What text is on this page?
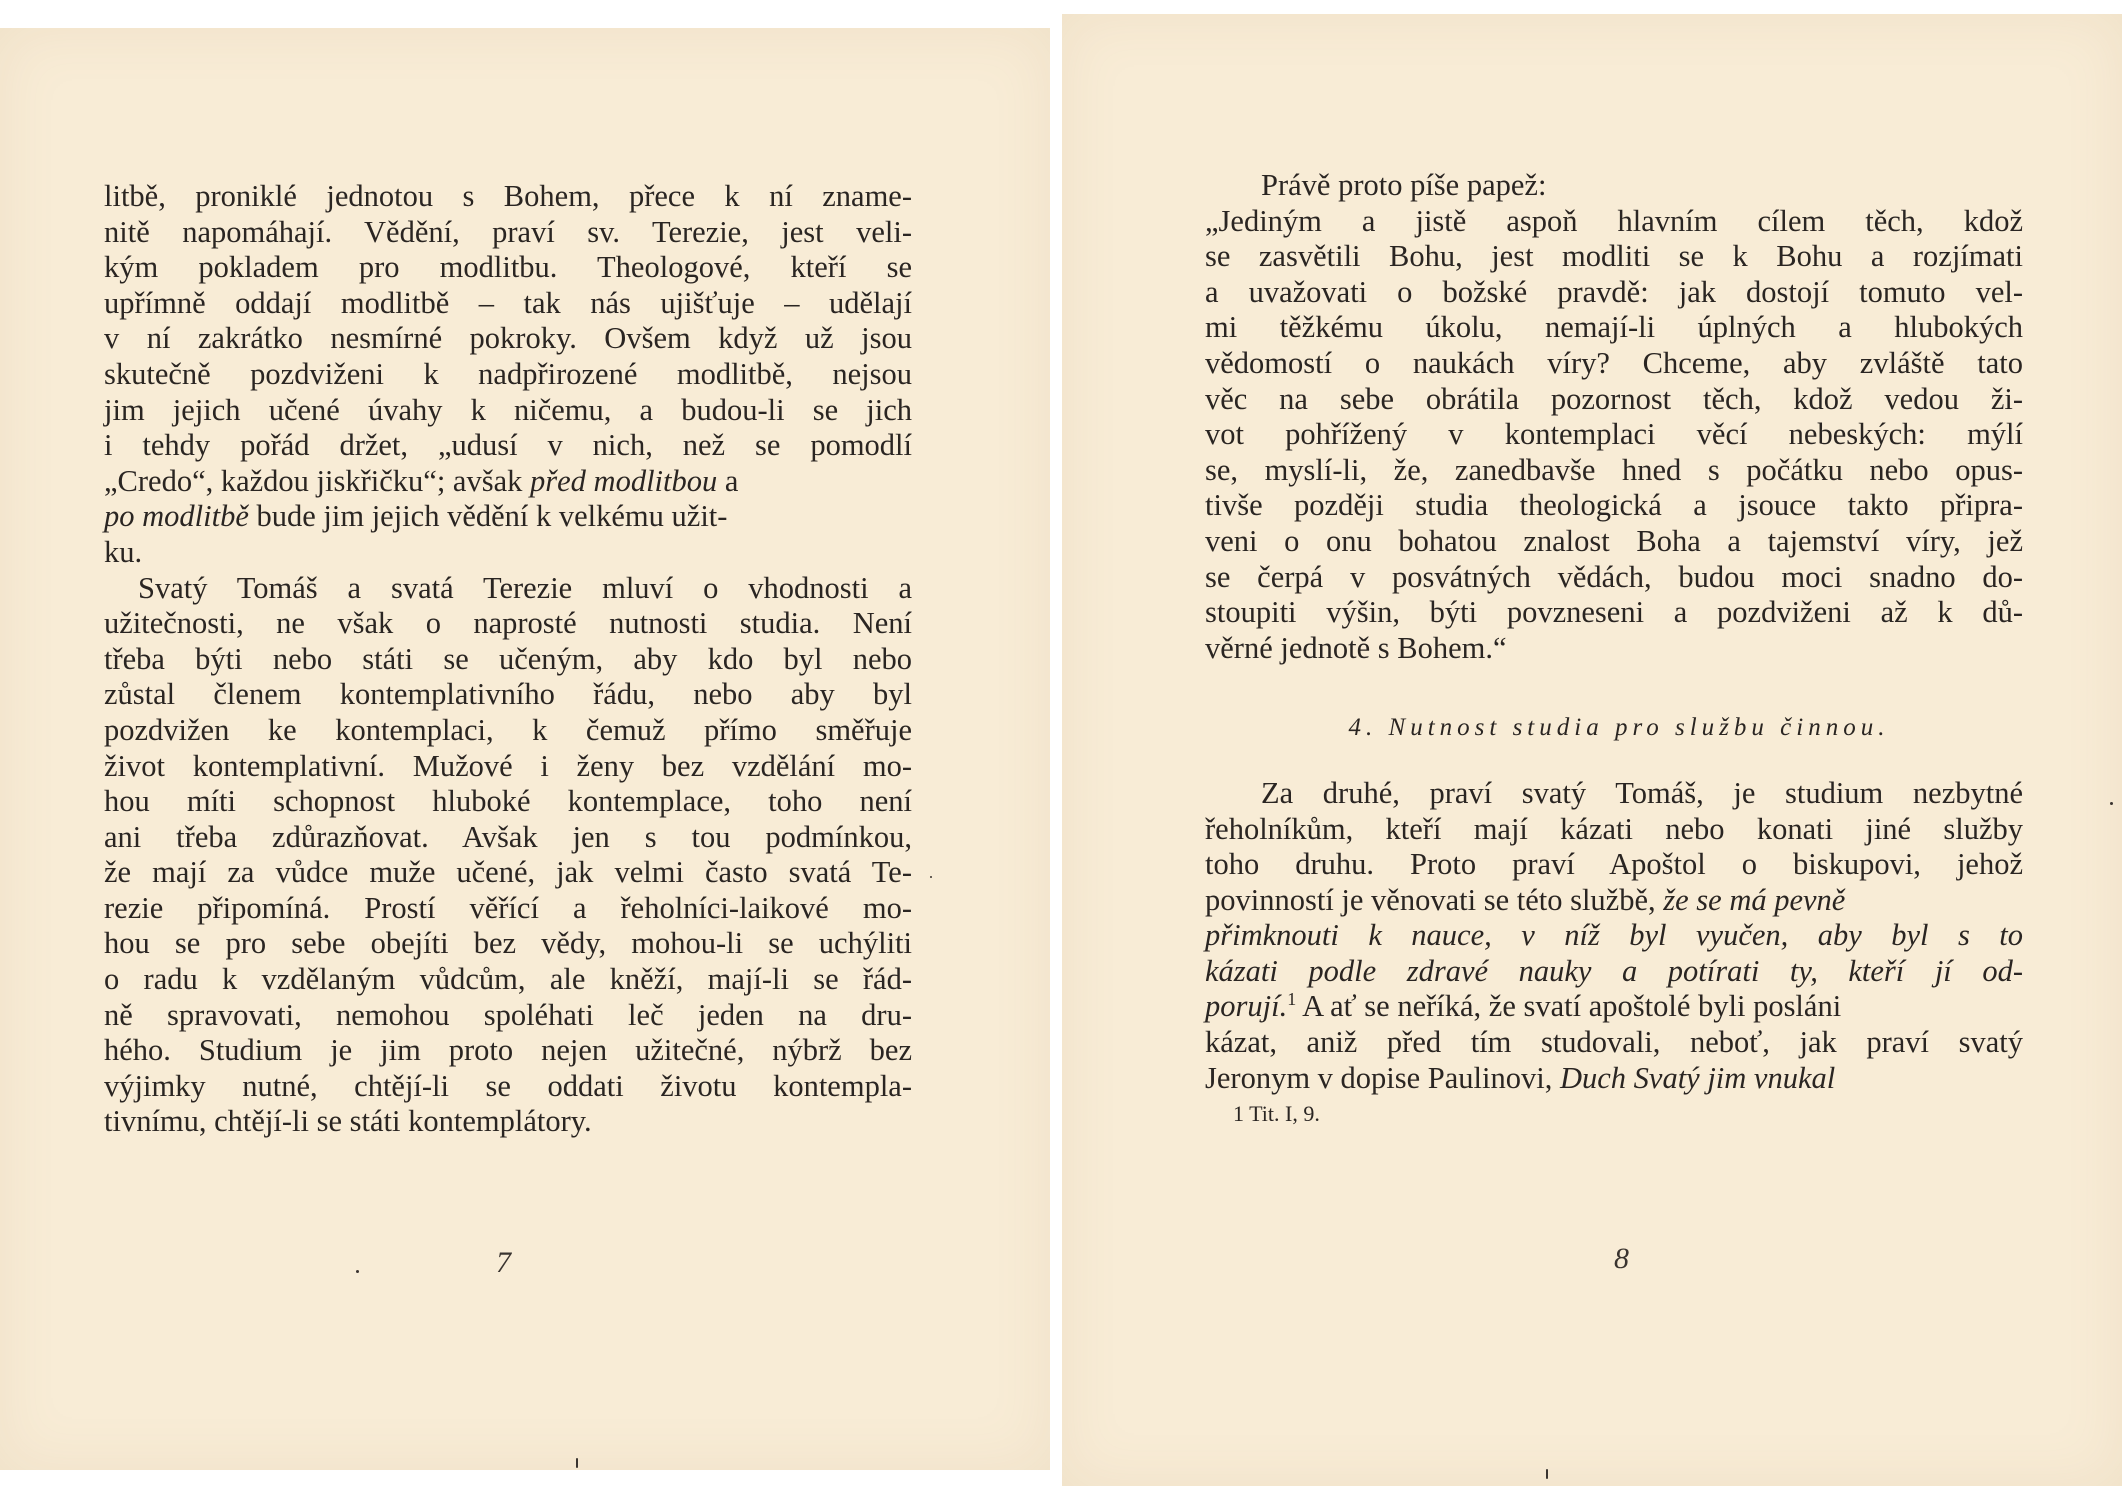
litbě, proniklé jednotou s Bohem, přece k ní zname-
nitě napomáhají. Vědění, praví sv. Terezie, jest veli-
kým pokladem pro modlitbu. Theologové, kteří se
upřímně oddají modlitbě – tak nás ujišťuje – udělají
v ní zakrátko nesmírné pokroky. Ovšem když už jsou
skutečně pozdviženi k nadpřirozené modlitbě, nejsou
jim jejich učené úvahy k ničemu, a budou-li se jich
i tehdy pořád držet, „udusí v nich, než se pomodlí
„Credo“, každou jiskřičku“; avšak před modlitbou a
po modlitbě bude jim jejich vědění k velkému užit-
ku.
Svatý Tomáš a svatá Terezie mluví o vhodnosti a
užitečnosti, ne však o naprosté nutnosti studia. Není
třeba býti nebo státi se učeným, aby kdo byl nebo
zůstal členem kontemplativního řádu, nebo aby byl
pozdvižen ke kontemplaci, k čemuž přímo směřuje
život kontemplativní. Mužové i ženy bez vzdělání mo-
hou míti schopnost hluboké kontemplace, toho není
ani třeba zdůrazňovat. Avšak jen s tou podmínkou,
že mají za vůdce muže učené, jak velmi často svatá Te-
rezie připomíná. Prostí věřící a řeholníci-laikové mo-
hou se pro sebe obejíti bez vědy, mohou-li se uchýliti
o radu k vzdělaným vůdcům, ale kněží, mají-li se řád-
ně spravovati, nemohou spoléhati leč jeden na dru-
hého. Studium je jim proto nejen užitečné, nýbrž bez
výjimky nutné, chtějí-li se oddati životu kontempla-
tivnímu, chtějí-li se státi kontemplátory.
7
Právě proto píše papež:
„Jediným a jistě aspoň hlavním cílem těch, kdož
se zasvětili Bohu, jest modliti se k Bohu a rozjímati
a uvažovati o božské pravdě: jak dostojí tomuto vel-
mi těžkému úkolu, nemají-li úplných a hlubokých
vědomostí o naukách víry? Chceme, aby zvláště tato
věc na sebe obrátila pozornost těch, kdož vedou ži-
vot pohřížený v kontemplaci věcí nebeských: mýlí
se, myslí-li, že, zanedbavše hned s počátku nebo opus-
tivše později studia theologická a jsouce takto připra-
veni o onu bohatou znalost Boha a tajemství víry, jež
se čerpá v posvátných vědách, budou moci snadno do-
stoupiti výšin, býti povzneseni a pozdviženi až k dů-
věrné jednotě s Bohem.“
4. Nutnost studia pro službu činnou.
Za druhé, praví svatý Tomáš, je studium nezbytné
řeholníkům, kteří mají kázati nebo konati jiné služby
toho druhu. Proto praví Apoštol o biskupovi, jehož
povinností je věnovati se této službě, že se má pevně
přimknouti k nauce, v níž byl vyučen, aby byl s to
kázati podle zdravé nauky a potírati ty, kteří jí od-
porují.$^1$ A ať se neříká, že svatí apoštolé byli posláni
kázat, aniž před tím studovali, neboť, jak praví svatý
Jeronym v dopise Paulinovi, Duch Svatý jim vnukal
1 Tit. I, 9.
8
